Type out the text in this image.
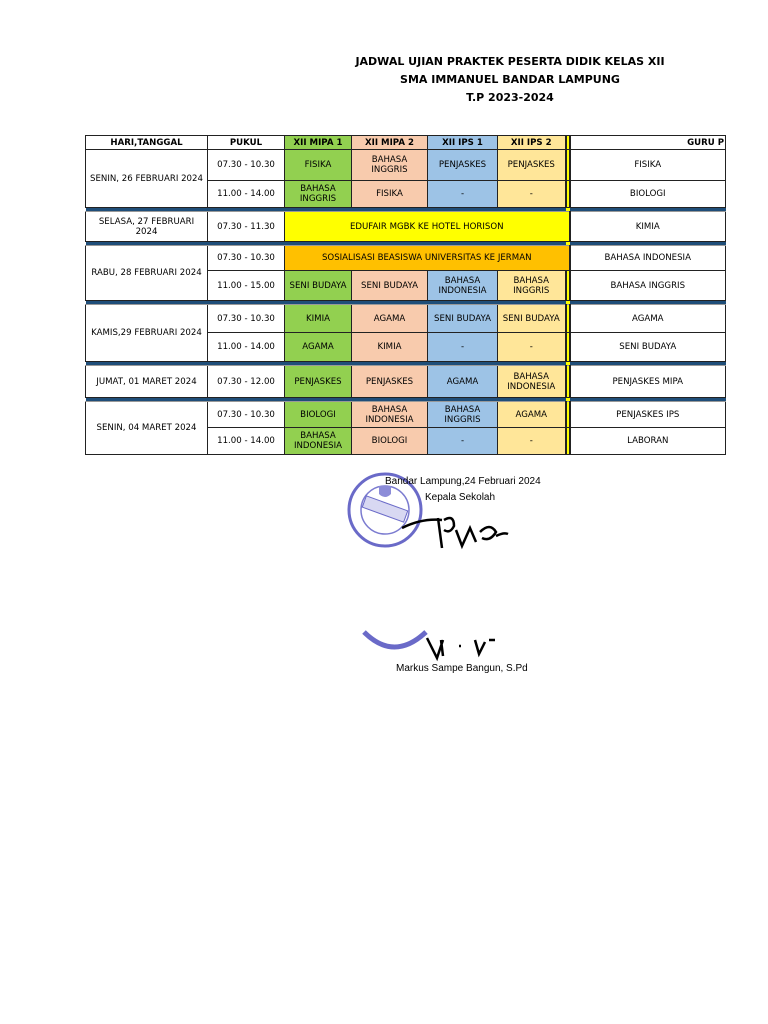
JADWAL UJIAN PRAKTEK PESERTA DIDIK KELAS XII
SMA IMMANUEL BANDAR LAMPUNG
T.P 2023-2024
HARI,TANGGAL	PUKUL	XII MIPA 1	XII MIPA 2	XII IPS 1	XII IPS 2		GURU P
SENIN, 26 FEBRUARI 2024	07.30 - 10.30	FISIKA	BAHASA INGGRIS	PENJASKES	PENJASKES		FISIKA
	11.00 - 14.00	BAHASA INGGRIS	FISIKA	-	-		BIOLOGI

SELASA, 27 FEBRUARI 2024	07.30 - 11.30	EDUFAIR MGBK KE HOTEL HORISON					KIMIA

RABU, 28 FEBRUARI 2024	07.30 - 10.30	SOSIALISASI BEASISWA UNIVERSITAS KE JERMAN					BAHASA INDONESIA
	11.00 - 15.00	SENI BUDAYA	SENI BUDAYA	BAHASA INDONESIA	BAHASA INGGRIS		BAHASA INGGRIS

KAMIS,29 FEBRUARI 2024	07.30 - 10.30	KIMIA	AGAMA	SENI BUDAYA	SENI BUDAYA		AGAMA
	11.00 - 14.00	AGAMA	KIMIA	-	-		SENI BUDAYA

JUMAT, 01 MARET 2024	07.30 - 12.00	PENJASKES	PENJASKES	AGAMA	BAHASA INDONESIA		PENJASKES MIPA

SENIN, 04 MARET 2024	07.30 - 10.30	BIOLOGI	BAHASA INDONESIA	BAHASA INGGRIS	AGAMA		PENJASKES IPS
	11.00 - 14.00	BAHASA INDONESIA	BIOLOGI	-	-		LABORAN
Bandar Lampung,24 Februari 2024
Kepala Sekolah
Markus Sampe Bangun, S.Pd
